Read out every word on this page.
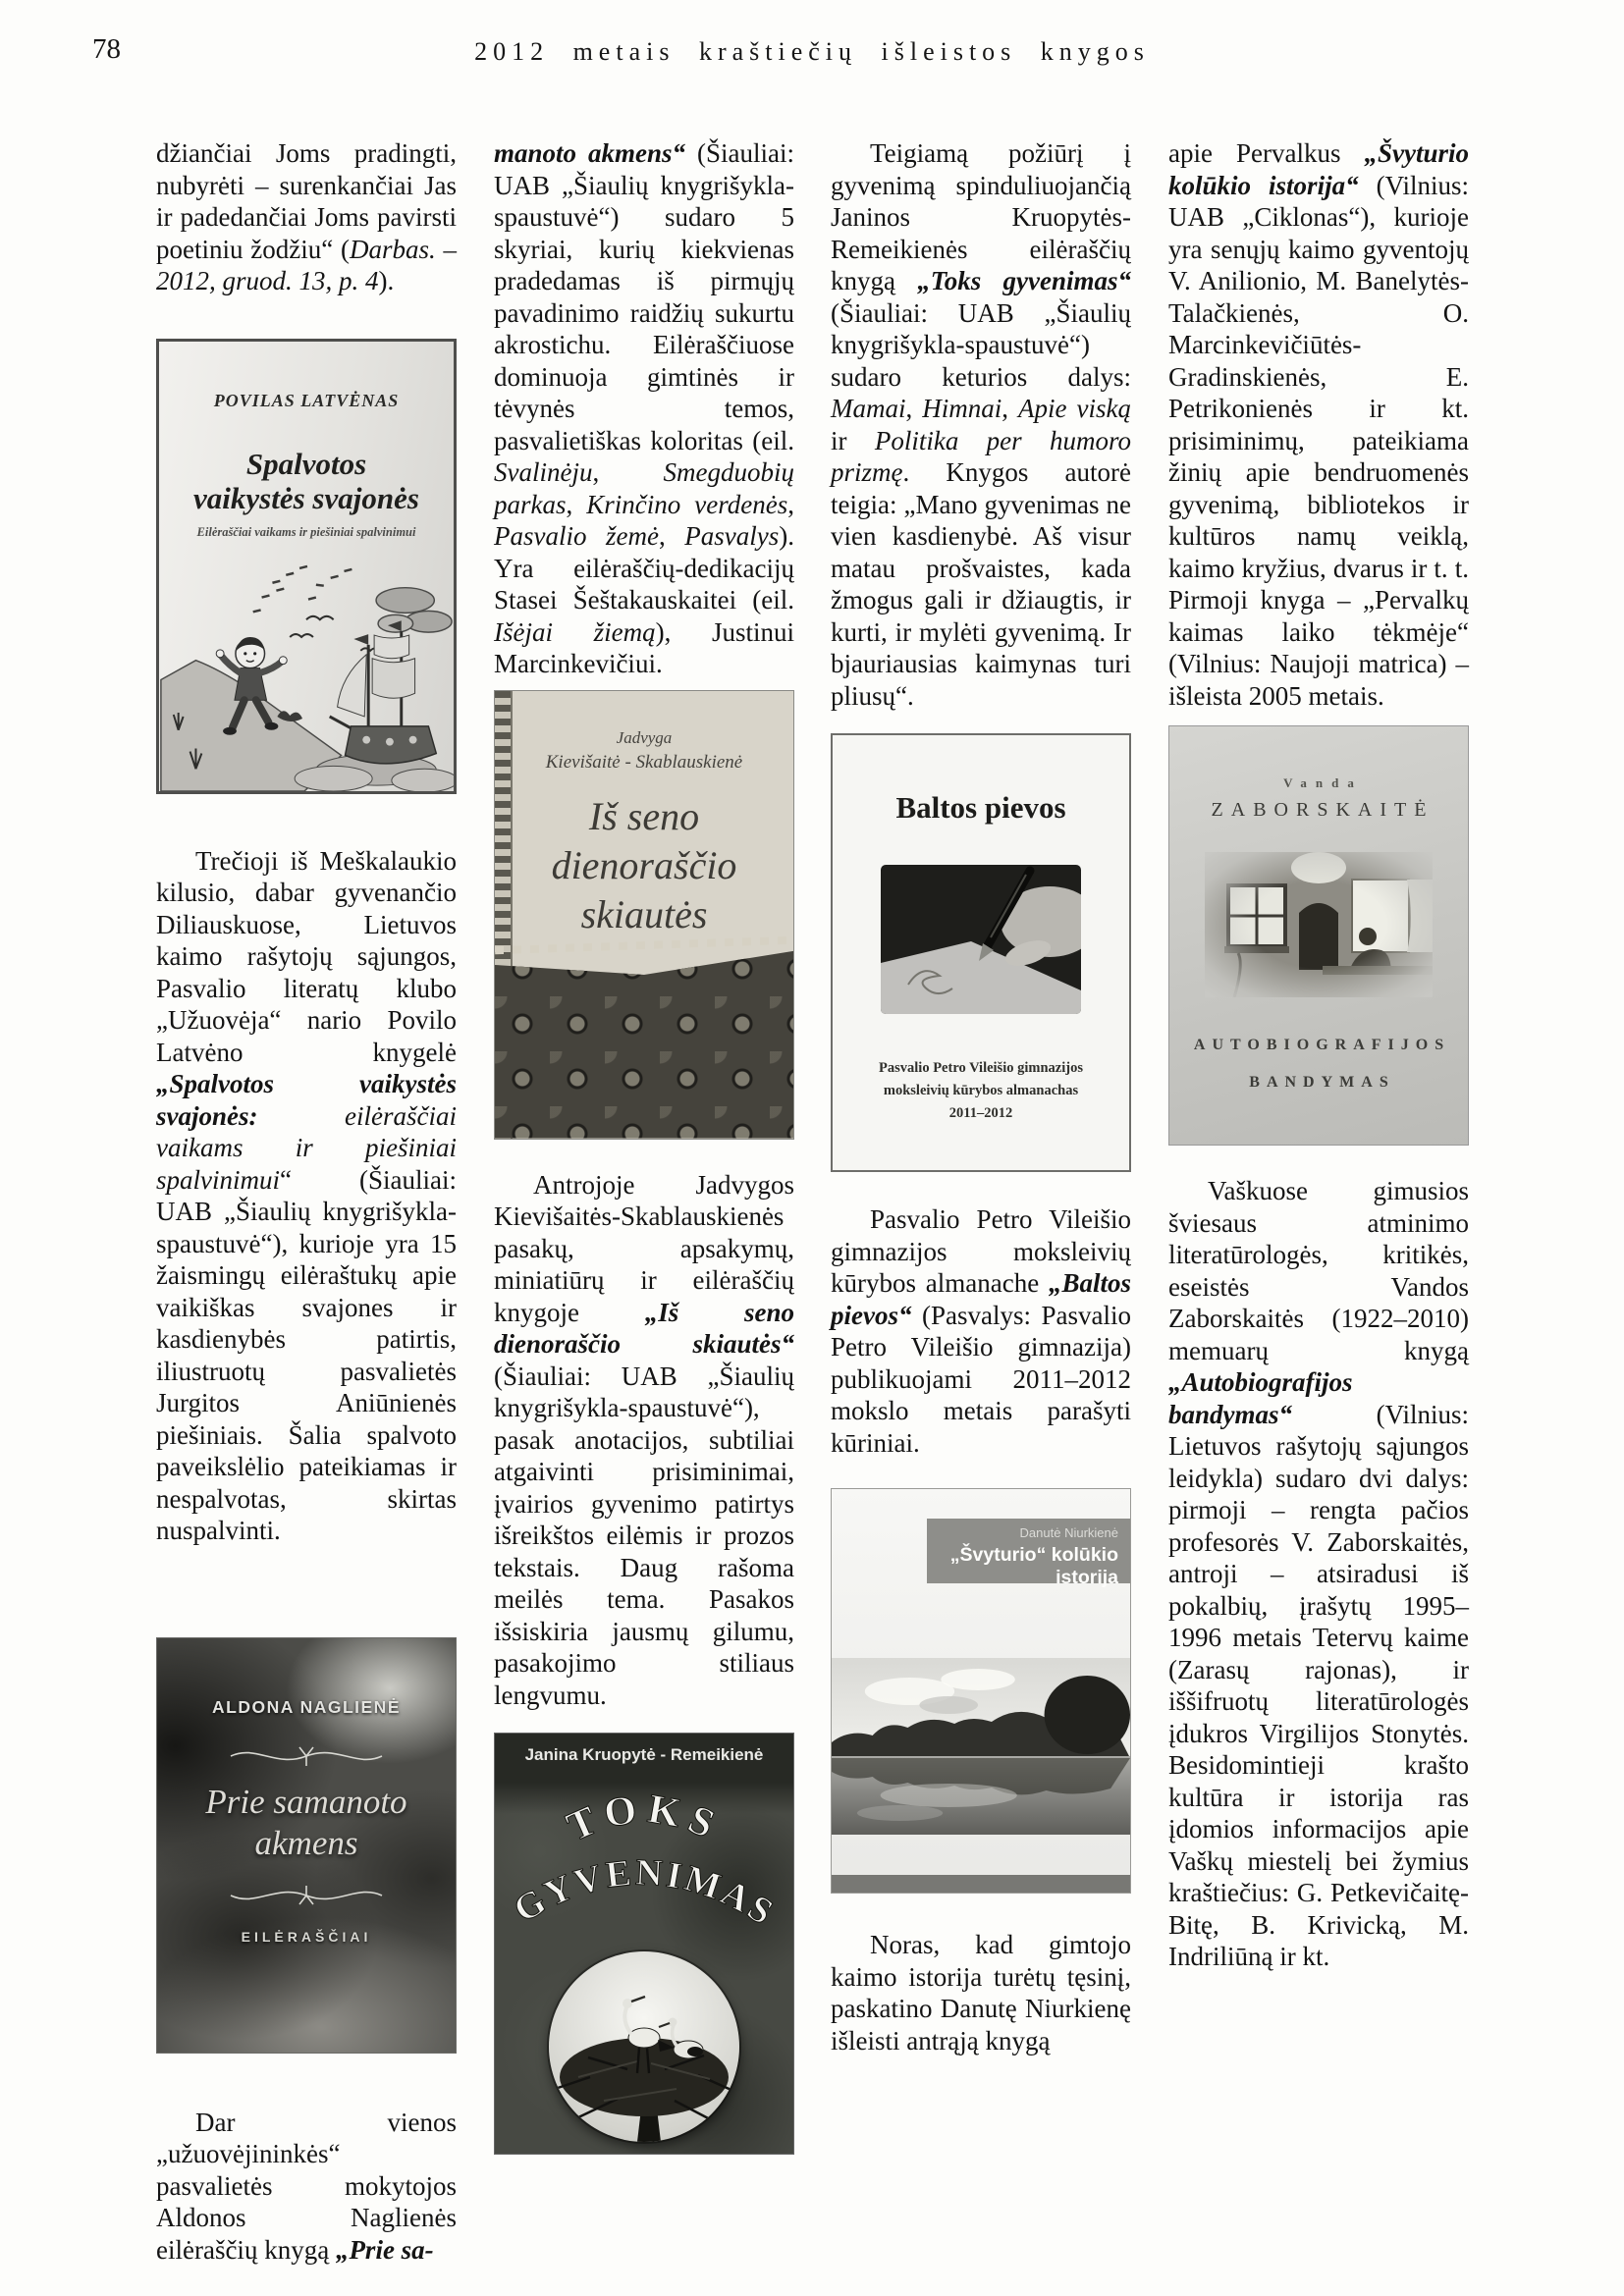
78	2012 metais kraštiečių išleistos knygos

džiančiai Joms pradingti, nubyrėti – surenkančiai Jas ir padedančiai Joms pavirsti poetiniu žodžiu“ (Darbas. – 2012, gruod. 13, p. 4).

POVILAS LATVĖNAS
Spalvotos
vaikystės svajonės
Eilėraščiai vaikams ir piešiniai spalvinimui

Trečioji iš Meškalaukio kilusio, dabar gyvenančio Diliauskuose, Lietuvos kaimo rašytojų sąjungos, Pasvalio literatų klubo „Užuovėja“ nario Povilo Latvėno knygelė „Spalvotos vaikystės svajonės:	eilėraščiai vaikams ir piešiniai spalvinimui“ (Šiauliai: UAB „Šiaulių knygrišykla-spaustuvė“), kurioje yra 15 žaismingų eilėraštukų apie vaikiškas svajones ir kasdienybės patirtis, iliustruotų pasvalietės Jurgitos Aniūnienės piešiniais. Šalia spalvoto paveikslėlio pateikiamas ir nespalvotas, skirtas nuspalvinti.

ALDONA NAGLIENĖ
Prie samanoto
akmens
EILĖRAŠČIAI

Dar vienos „užuovėjininkės“ pasvalietės mokytojos Aldonos Naglienės eilėraščių knygą „Prie sa-

manoto akmens“ (Šiauliai: UAB „Šiaulių knygrišykla-spaustuvė“) sudaro 5 skyriai, kurių kiekvienas pradedamas iš pirmųjų pavadinimo raidžių sukurtu akrostichu. Eilėraščiuose dominuoja gimtinės ir tėvynės temos, pasvalietiškas koloritas (eil. Svalinėju, Smegduobių parkas, Krinčino verdenės, Pasvalio žemė, Pasvalys). Yra eilėraščių-dedikacijų Stasei Šeštakauskaitei (eil. Išėjai žiemą), Justinui Marcinkevičiui.

Jadvyga
Kievišaitė - Skablauskienė
Iš seno
dienoraščio
skiautės

Antrojoje Jadvygos Kievišaitės-Skablauskienės pasakų, apsakymų, miniatiūrų ir eilėraščių knygoje „Iš seno dienoraščio skiautės“ (Šiauliai: UAB „Šiaulių knygrišykla-spaustuvė“), pasak anotacijos, subtiliai atgaivinti prisiminimai, įvairios gyvenimo patirtys išreikštos eilėmis ir prozos tekstais. Daug rašoma meilės tema. Pasakos išsiskiria jausmų gilumu, pasakojimo stiliaus lengvumu.

Janina Kruopytė - Remeikienė
TOKS
GYVENIMAS

Teigiamą požiūrį į gyvenimą spinduliuojančią Janinos Kruopytės-Remeikienės eilėraščių knygą „Toks gyvenimas“ (Šiauliai: UAB „Šiaulių knygrišykla-spaustuvė“) sudaro keturios dalys: Mamai, Himnai, Apie viską ir Politika per humoro prizmę. Knygos autorė teigia: „Mano gyvenimas ne vien kasdienybė. Aš visur matau prošvaistes, kada žmogus gali ir džiaugtis, ir kurti, ir mylėti gyvenimą. Ir bjauriausias kaimynas turi pliusų“.

Baltos pievos
Pasvalio Petro Vileišio gimnazijos
moksleivių kūrybos almanachas
2011–2012

Pasvalio Petro Vileišio gimnazijos moksleivių kūrybos almanache „Baltos pievos“ (Pasvalys: Pasvalio Petro Vileišio gimnazija) publikuojami 2011–2012 mokslo metais parašyti kūriniai.

Danutė Niurkienė
„Švyturio“ kolūkio istorija

Noras, kad gimtojo kaimo istorija turėtų tęsinį, paskatino Danutę Niurkienę išleisti antrąją knygą

apie Pervalkus „Švyturio kolūkio istorija“ (Vilnius: UAB „Ciklonas“), kurioje yra senųjų kaimo gyventojų V. Anilionio, M. Banelytės-Talačkienės, O. Marcinkevičiūtės-Gradinskienės, E. Petrikonienės ir kt. prisiminimų, pateikiama žinių apie bendruomenės gyvenimą, bibliotekos ir kultūros namų veiklą, kaimo kryžius, dvarus ir t. t. Pirmoji knyga – „Pervalkų kaimas laiko tėkmėje“ (Vilnius: Naujoji matrica) – išleista 2005 metais.

Vanda
ZABORSKAITĖ
AUTOBIOGRAFIJOS
BANDYMAS

Vaškuose gimusios šviesaus atminimo literatūrologės, kritikės, eseistės Vandos Zaborskaitės (1922–2010) memuarų knygą „Autobiografijos bandymas“ (Vilnius: Lietuvos rašytojų sąjungos leidykla) sudaro dvi dalys: pirmoji – rengta pačios profesorės V. Zaborskaitės, antroji – atsiradusi iš pokalbių, įrašytų 1995–1996 metais Tetervų kaime (Zarasų rajonas), ir iššifruotų literatūrologės įdukros Virgilijos Stonytės. Besidomintieji krašto kultūra ir istorija ras įdomios informacijos apie Vaškų miestelį bei žymius kraštiečius: G. Petkevičaitę-Bitę, B. Krivicką, M. Indriliūną ir kt.
